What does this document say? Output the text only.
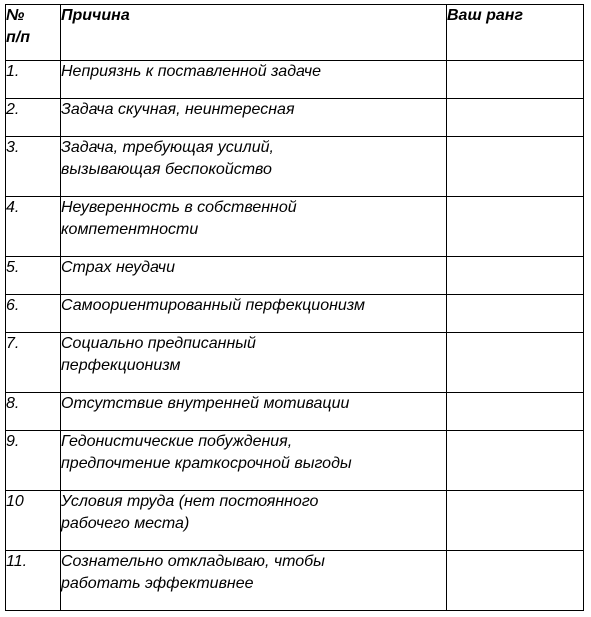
№
п/п	Причина	Ваш ранг
1.	Неприязнь к поставленной задаче	

2.	Задача скучная, неинтересная	

3.	Задача, требующая усилий,
вызывающая беспокойство	

4.	Неуверенность в собственной
компетентности	

5.	Страх неудачи	

6.	Самоориентированный перфекционизм	

7.	Социально предписанный
перфекционизм	

8.	Отсутствие внутренней мотивации	

9.	Гедонистические побуждения,
предпочтение краткосрочной выгоды	

10	Условия труда (нет постоянного
рабочего места)	

11.	Сознательно откладываю, чтобы
работать эффективнее	
